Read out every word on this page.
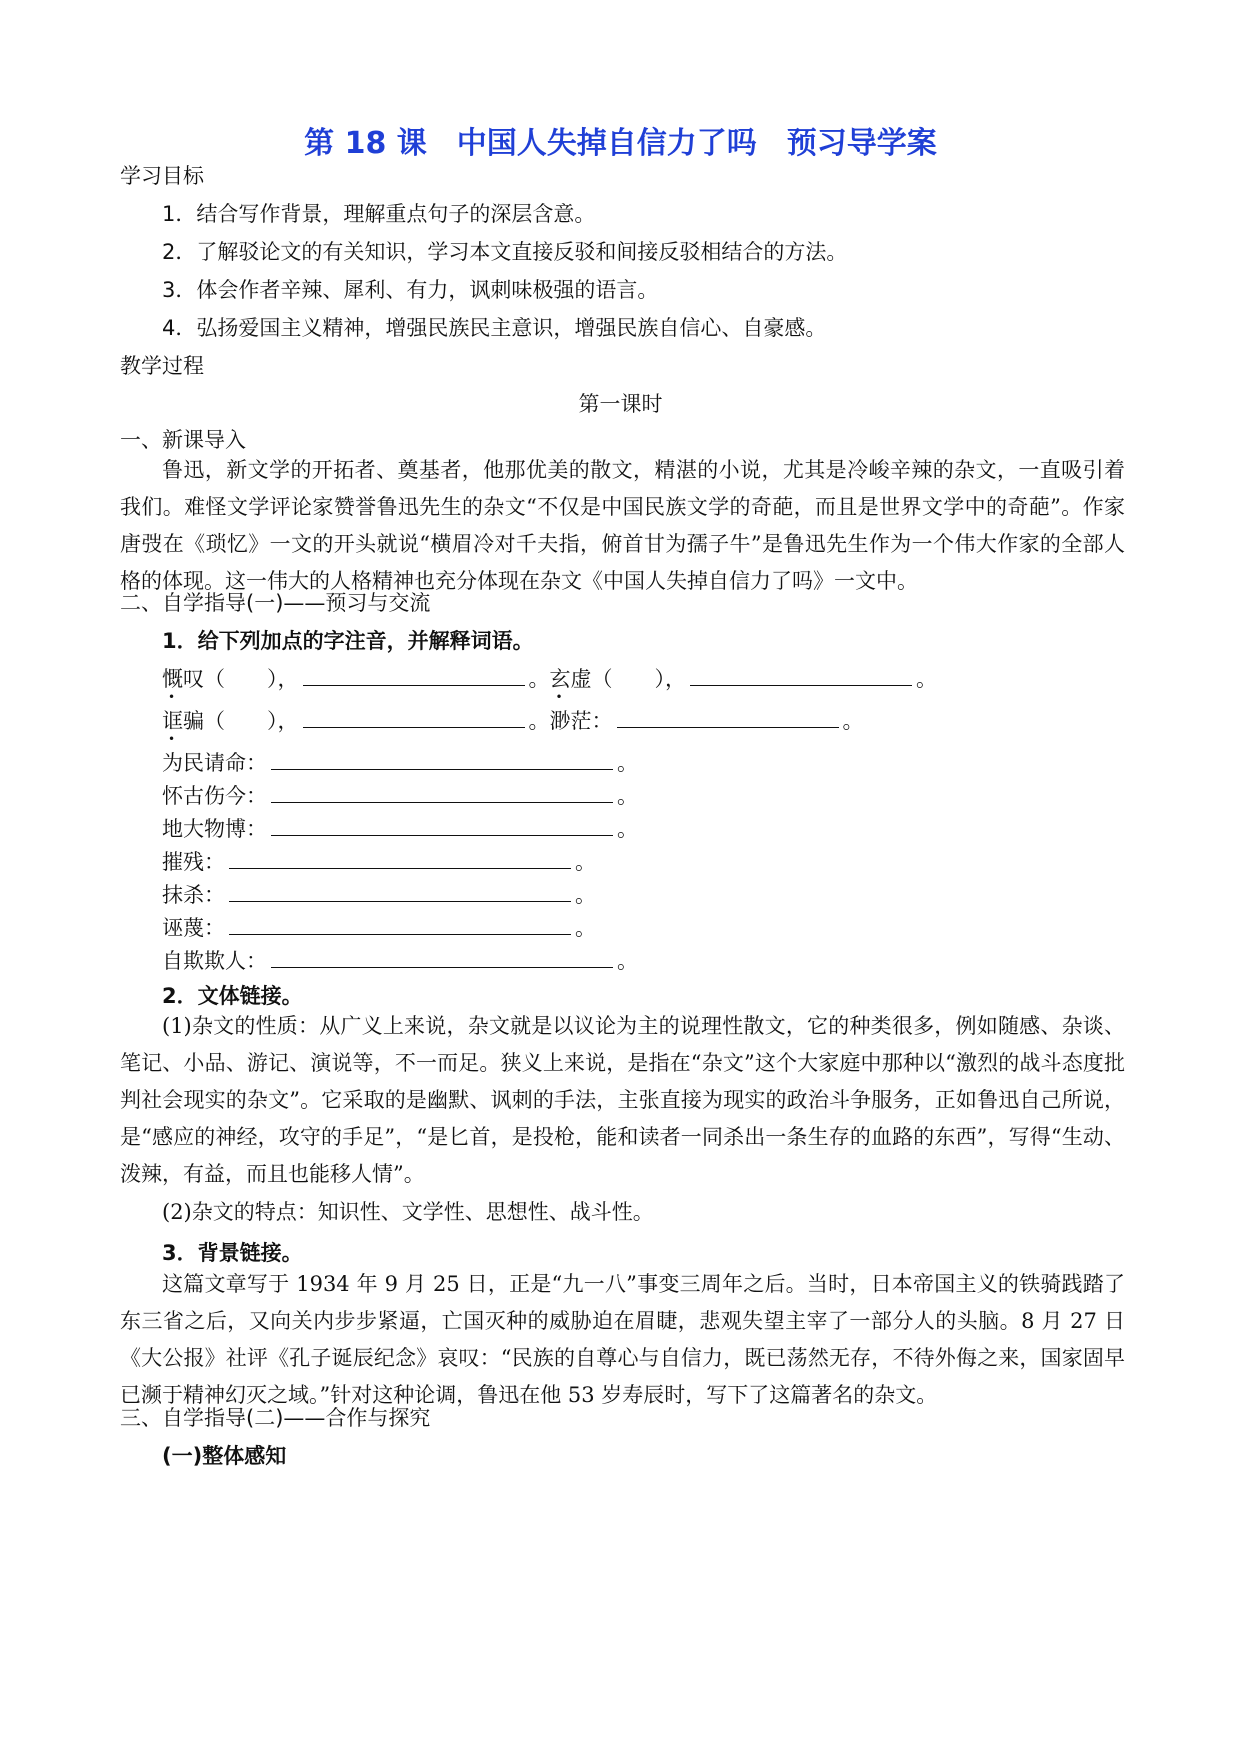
第 18 课　中国人失掉自信力了吗　预习导学案
学习目标
1．结合写作背景，理解重点句子的深层含意。
2．了解驳论文的有关知识，学习本文直接反驳和间接反驳相结合的方法。
3．体会作者辛辣、犀利、有力，讽刺味极强的语言。
4．弘扬爱国主义精神，增强民族民主意识，增强民族自信心、自豪感。
教学过程
第一课时
一、新课导入
鲁迅，新文学的开拓者、奠基者，他那优美的散文，精湛的小说，尤其是冷峻辛辣的杂文，一直吸引着我们。难怪文学评论家赞誉鲁迅先生的杂文“不仅是中国民族文学的奇葩，而且是世界文学中的奇葩”。作家唐弢在《琐忆》一文的开头就说“横眉冷对千夫指，俯首甘为孺子牛”是鲁迅先生作为一个伟大作家的全部人格的体现。这一伟大的人格精神也充分体现在杂文《中国人失掉自信力了吗》一文中。
二、自学指导(一)——预习与交流
1．给下列加点的字注音，并解释词语。
慨叹（　　），	。玄虚（　　），	。
诓骗（　　），	。渺茫：	。
为民请命：	。
怀古伤今：	。
地大物博：	。
摧残：	。
抹杀：	。
诬蔑：	。
自欺欺人：	。
2．文体链接。
(1)杂文的性质：从广义上来说，杂文就是以议论为主的说理性散文，它的种类很多，例如随感、杂谈、笔记、小品、游记、演说等，不一而足。狭义上来说，是指在“杂文”这个大家庭中那种以“激烈的战斗态度批判社会现实的杂文”。它采取的是幽默、讽刺的手法，主张直接为现实的政治斗争服务，正如鲁迅自己所说，是“感应的神经，攻守的手足”，“是匕首，是投枪，能和读者一同杀出一条生存的血路的东西”，写得“生动、泼辣，有益，而且也能移人情”。
(2)杂文的特点：知识性、文学性、思想性、战斗性。
3．背景链接。
这篇文章写于 1934 年 9 月 25 日，正是“九一八”事变三周年之后。当时，日本帝国主义的铁骑践踏了东三省之后，又向关内步步紧逼，亡国灭种的威胁迫在眉睫，悲观失望主宰了一部分人的头脑。8 月 27 日《大公报》社评《孔子诞辰纪念》哀叹：“民族的自尊心与自信力，既已荡然无存，不待外侮之来，国家固早已濒于精神幻灭之域。”针对这种论调，鲁迅在他 53 岁寿辰时，写下了这篇著名的杂文。
三、自学指导(二)——合作与探究
(一)整体感知
